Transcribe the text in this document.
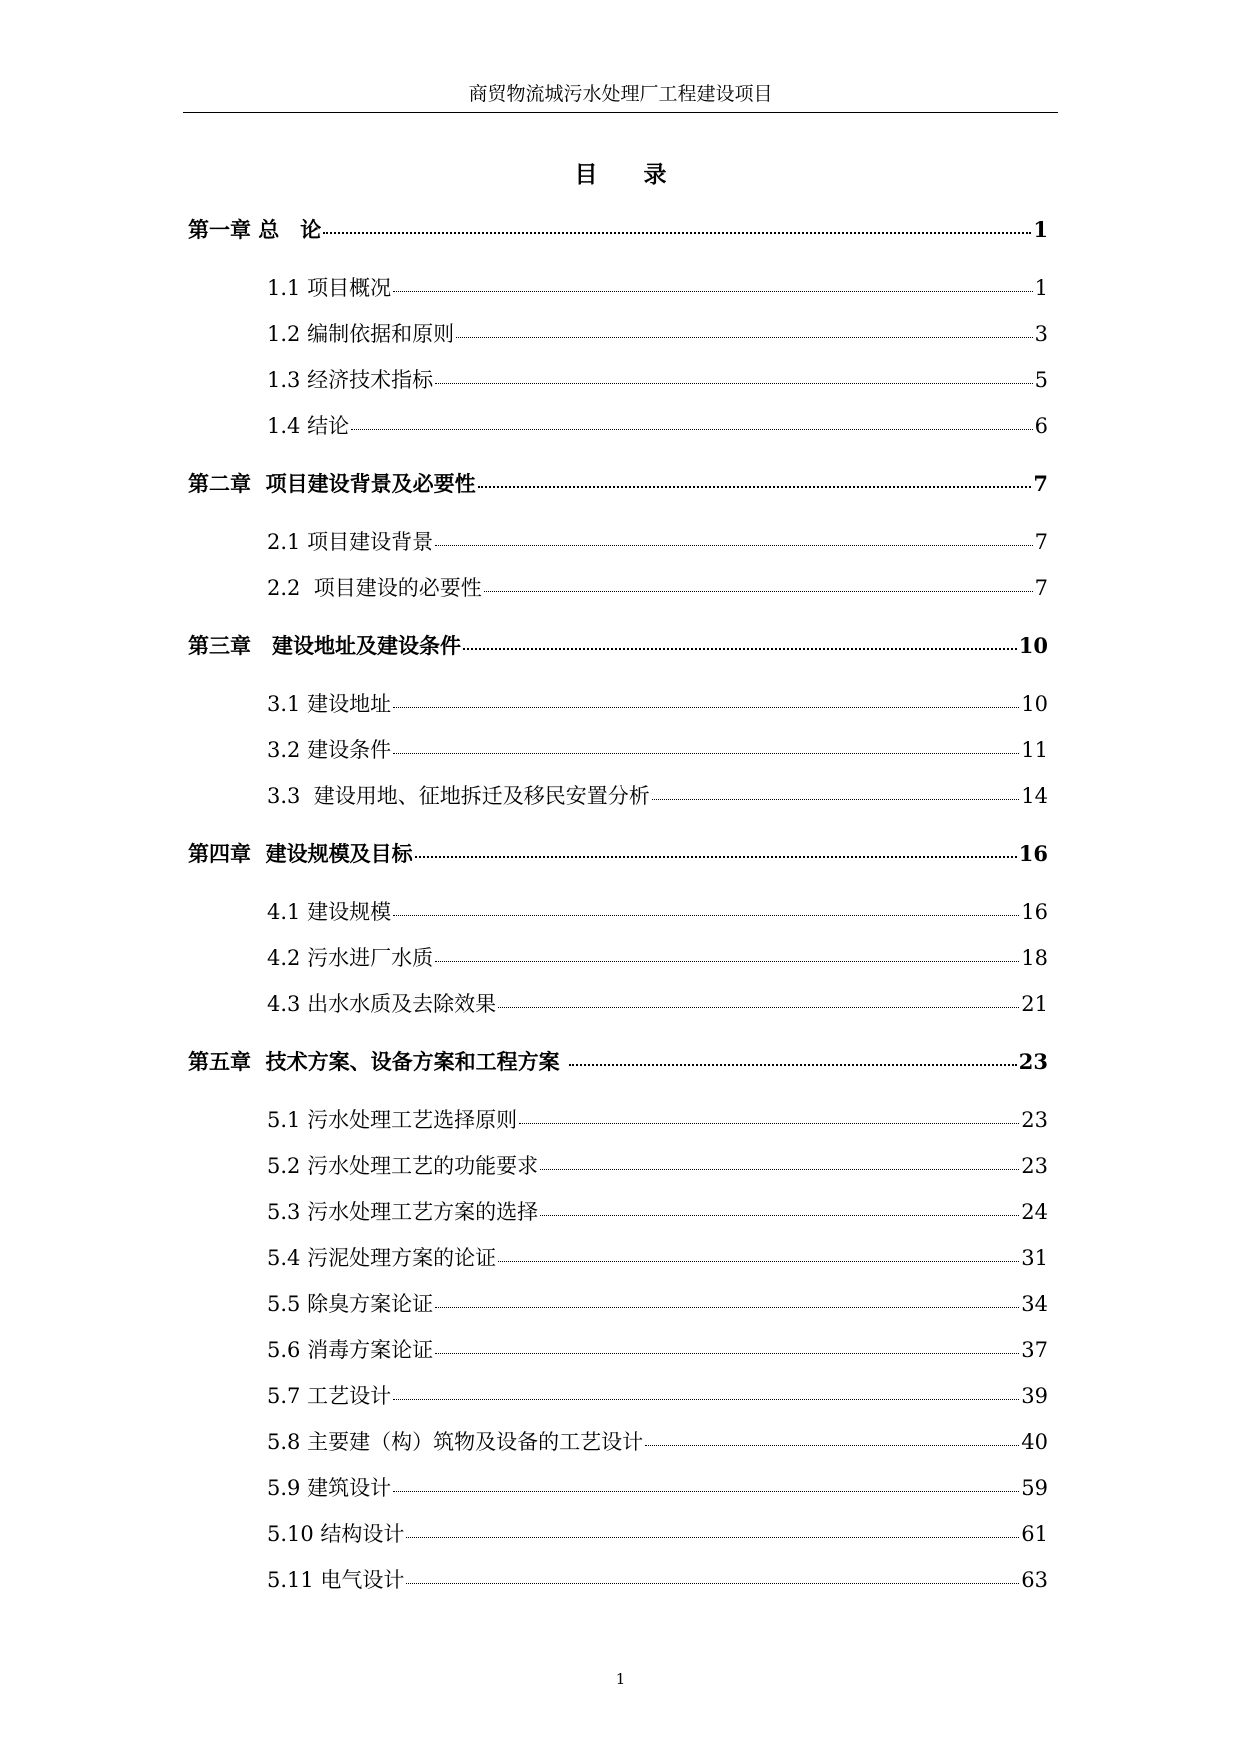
商贸物流城污水处理厂工程建设项目
目　　录
第一章 总　论	1
1.1 项目概况	1
1.2 编制依据和原则	3
1.3 经济技术指标	5
1.4 结论	6
第二章  项目建设背景及必要性	7
2.1 项目建设背景	7
2.2  项目建设的必要性	7
第三章　建设地址及建设条件	10
3.1 建设地址	10
3.2 建设条件	11
3.3  建设用地、征地拆迁及移民安置分析	14
第四章  建设规模及目标	16
4.1 建设规模	16
4.2 污水进厂水质	18
4.3 出水水质及去除效果	21
第五章  技术方案、设备方案和工程方案	23
5.1 污水处理工艺选择原则	23
5.2 污水处理工艺的功能要求	23
5.3 污水处理工艺方案的选择	24
5.4 污泥处理方案的论证	31
5.5 除臭方案论证	34
5.6 消毒方案论证	37
5.7 工艺设计	39
5.8 主要建（构）筑物及设备的工艺设计	40
5.9 建筑设计	59
5.10 结构设计	61
5.11 电气设计	63
1
